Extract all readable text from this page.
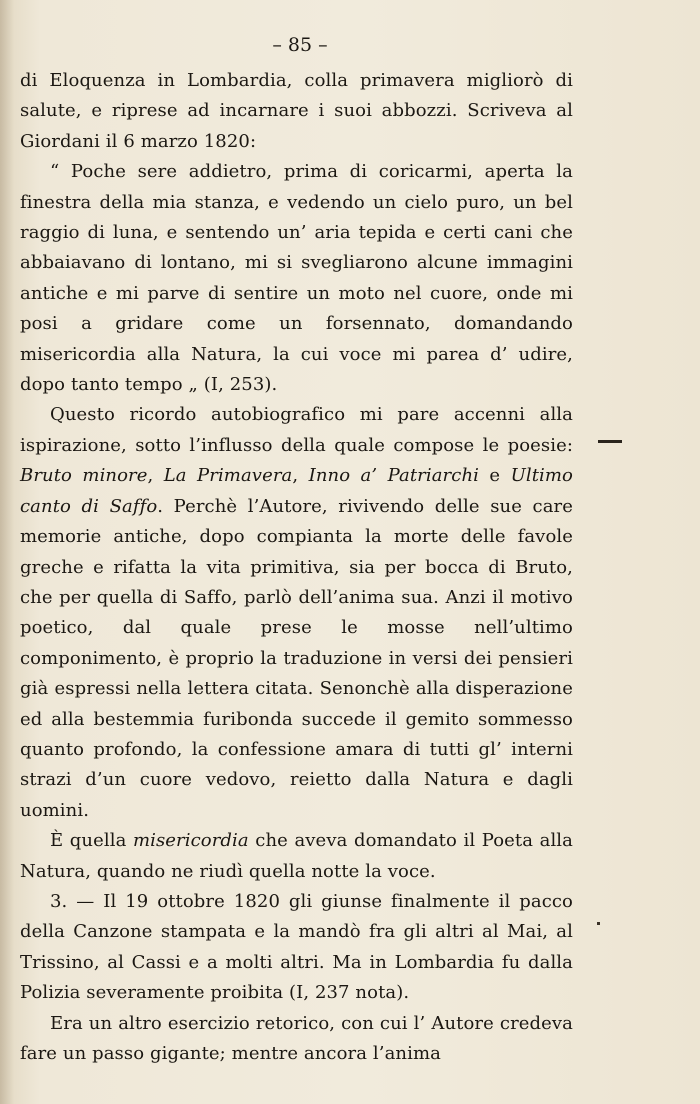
– 85 –

di Eloquenza in Lombardia, colla primavera migliorò di salute, e riprese ad incarnare i suoi abbozzi. Scriveva al Giordani il 6 marzo 1820:

“ Poche sere addietro, prima di coricarmi, aperta la finestra della mia stanza, e vedendo un cielo puro, un bel raggio di luna, e sentendo un’ aria tepida e certi cani che abbaiavano di lontano, mi si svegliarono alcune immagini antiche e mi parve di sentire un moto nel cuore, onde mi posi a gridare come un forsennato, domandando misericordia alla Natura, la cui voce mi parea d’ udire, dopo tanto tempo „ (I, 253).

Questo ricordo autobiografico mi pare accenni alla ispirazione, sotto l’influsso della quale compose le poesie: Bruto minore, La Primavera, Inno a’ Patriarchi e Ultimo canto di Saffo. Perchè l’Autore, rivivendo delle sue care memorie antiche, dopo compianta la morte delle favole greche e rifatta la vita primitiva, sia per bocca di Bruto, che per quella di Saffo, parlò dell’anima sua. Anzi il motivo poetico, dal quale prese le mosse nell’ultimo componimento, è proprio la traduzione in versi dei pensieri già espressi nella lettera citata. Senonchè alla disperazione ed alla bestemmia furibonda succede il gemito sommesso quanto profondo, la confessione amara di tutti gl’ interni strazi d’un cuore vedovo, reietto dalla Natura e dagli uomini.

È quella misericordia che aveva domandato il Poeta alla Natura, quando ne riudì quella notte la voce.

3. — Il 19 ottobre 1820 gli giunse finalmente il pacco della Canzone stampata e la mandò fra gli altri al Mai, al Trissino, al Cassi e a molti altri. Ma in Lombardia fu dalla Polizia severamente proibita (I, 237 nota).

Era un altro esercizio retorico, con cui l’ Autore credeva fare un passo gigante; mentre ancora l’anima
